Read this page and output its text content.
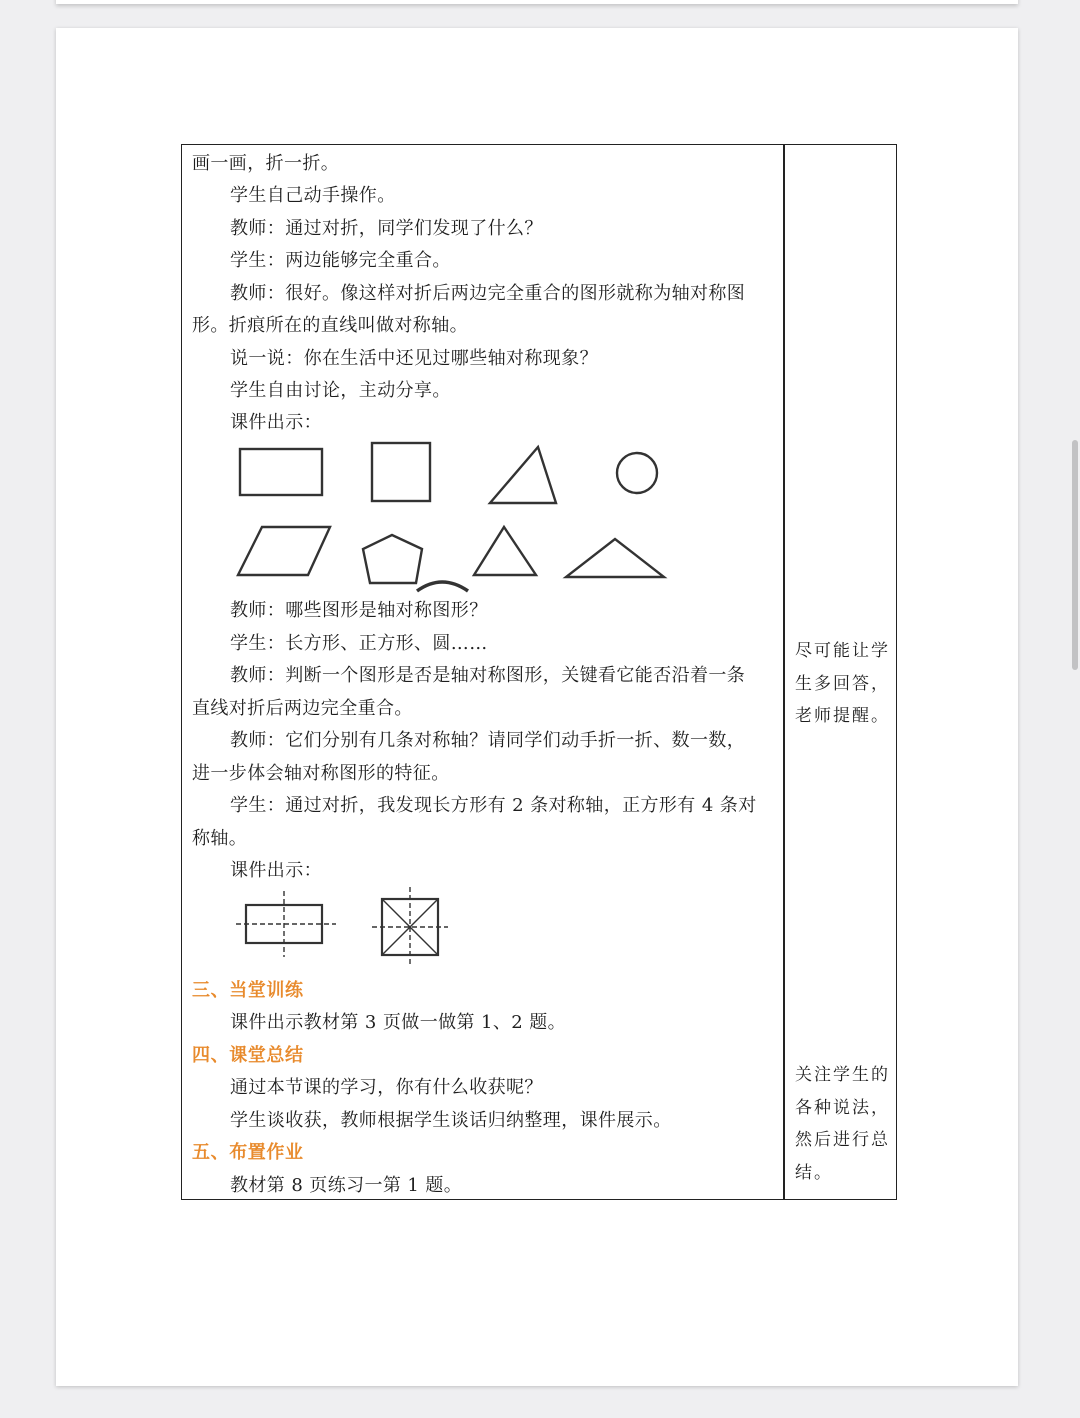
画一画，折一折。
学生自己动手操作。
教师：通过对折，同学们发现了什么？
学生：两边能够完全重合。
教师：很好。像这样对折后两边完全重合的图形就称为轴对称图
形。折痕所在的直线叫做对称轴。
说一说：你在生活中还见过哪些轴对称现象？
学生自由讨论，主动分享。
课件出示：
教师：哪些图形是轴对称图形？
学生：长方形、正方形、圆……
教师：判断一个图形是否是轴对称图形，关键看它能否沿着一条
直线对折后两边完全重合。
教师：它们分别有几条对称轴？请同学们动手折一折、数一数，
进一步体会轴对称图形的特征。
学生：通过对折，我发现长方形有 2 条对称轴，正方形有 4 条对
称轴。
课件出示：
三、当堂训练
课件出示教材第 3 页做一做第 1、2 题。
四、课堂总结
通过本节课的学习，你有什么收获呢？
学生谈收获，教师根据学生谈话归纳整理，课件展示。
五、布置作业
教材第 8 页练习一第 1 题。
尽可能让学生多回答，老师提醒。
关注学生的各种说法，然后进行总结。
